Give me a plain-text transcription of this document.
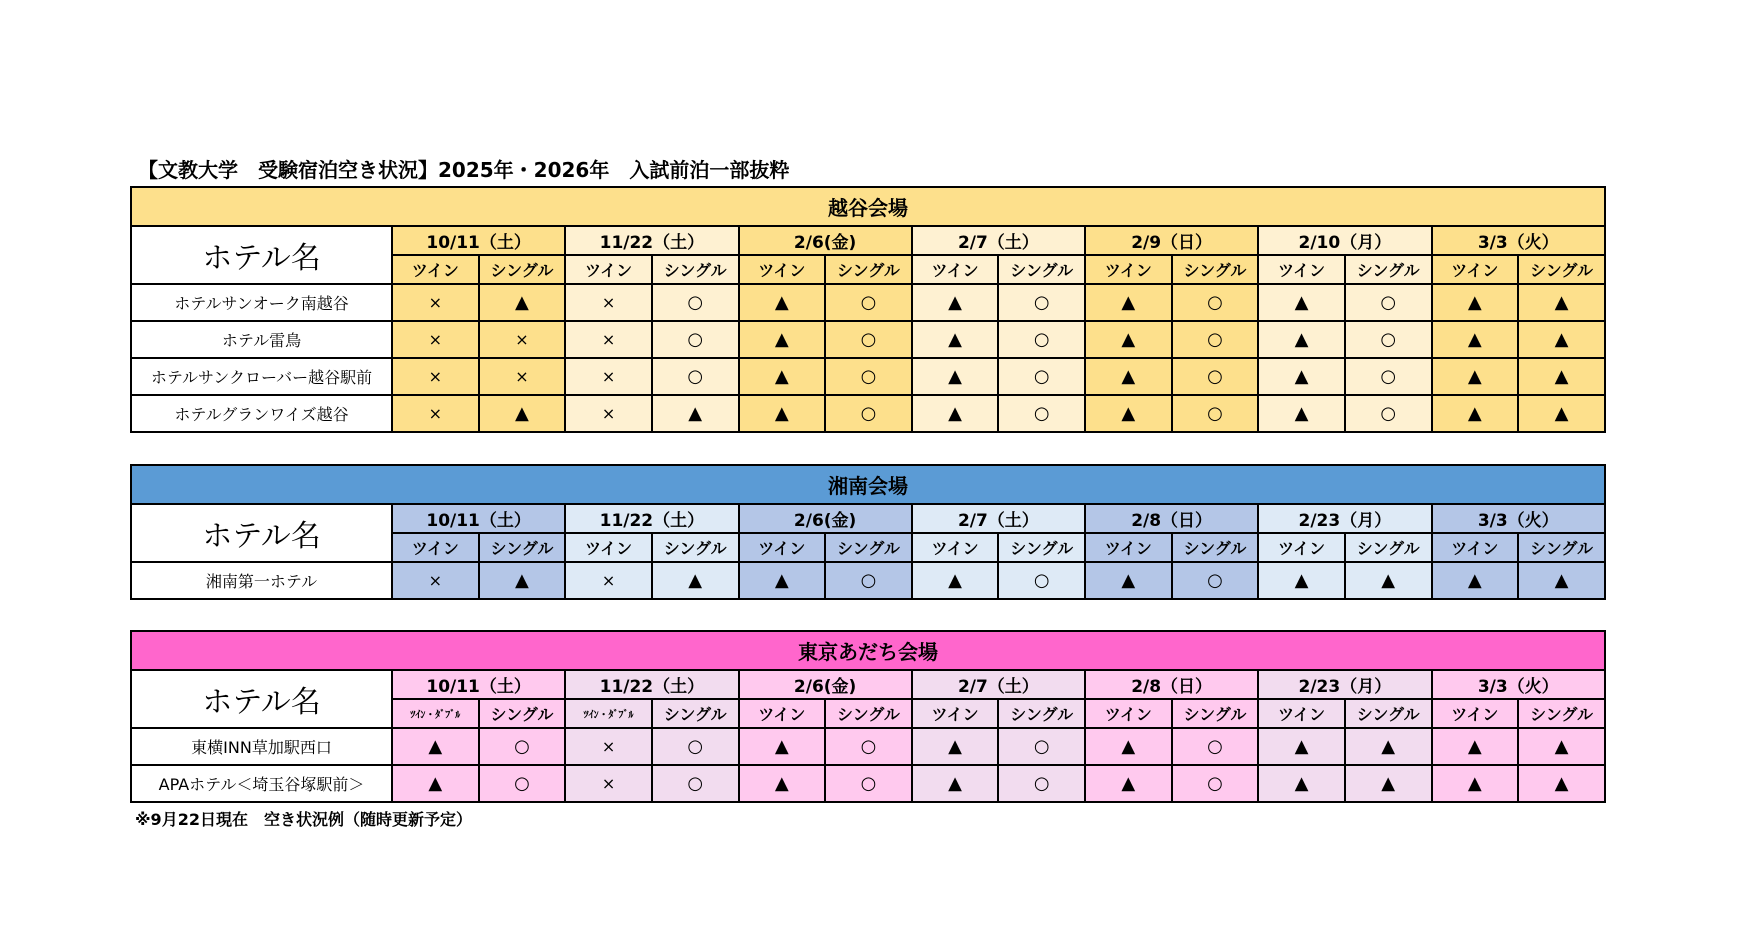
【文教大学　受験宿泊空き状況】2025年・2026年　入試前泊一部抜粋
越谷会場														
ホテル名	10/11（土）		11/22（土）		2/6(金)		2/7（土）		2/9（日）		2/10（月）		3/3（火）	
	ツイン	シングル	ツイン	シングル	ツイン	シングル	ツイン	シングル	ツイン	シングル	ツイン	シングル	ツイン	シングル
ホテルサンオーク南越谷	×	▲	×	○	▲	○	▲	○	▲	○	▲	○	▲	▲
ホテル雷鳥	×	×	×	○	▲	○	▲	○	▲	○	▲	○	▲	▲
ホテルサンクローバー越谷駅前	×	×	×	○	▲	○	▲	○	▲	○	▲	○	▲	▲
ホテルグランワイズ越谷	×	▲	×	▲	▲	○	▲	○	▲	○	▲	○	▲	▲
湘南会場														
ホテル名	10/11（土）		11/22（土）		2/6(金)		2/7（土）		2/8（日）		2/23（月）		3/3（火）	
	ツイン	シングル	ツイン	シングル	ツイン	シングル	ツイン	シングル	ツイン	シングル	ツイン	シングル	ツイン	シングル
湘南第一ホテル	×	▲	×	▲	▲	○	▲	○	▲	○	▲	▲	▲	▲
東京あだち会場														
ホテル名	10/11（土）		11/22（土）		2/6(金)		2/7（土）		2/8（日）		2/23（月）		3/3（火）	
	ﾂｲﾝ・ﾀﾞﾌﾞﾙ	シングル	ﾂｲﾝ・ﾀﾞﾌﾞﾙ	シングル	ツイン	シングル	ツイン	シングル	ツイン	シングル	ツイン	シングル	ツイン	シングル
東横INN草加駅西口	▲	○	×	○	▲	○	▲	○	▲	○	▲	▲	▲	▲
APAホテル＜埼玉谷塚駅前＞	▲	○	×	○	▲	○	▲	○	▲	○	▲	▲	▲	▲
※9月22日現在　空き状況例（随時更新予定）
